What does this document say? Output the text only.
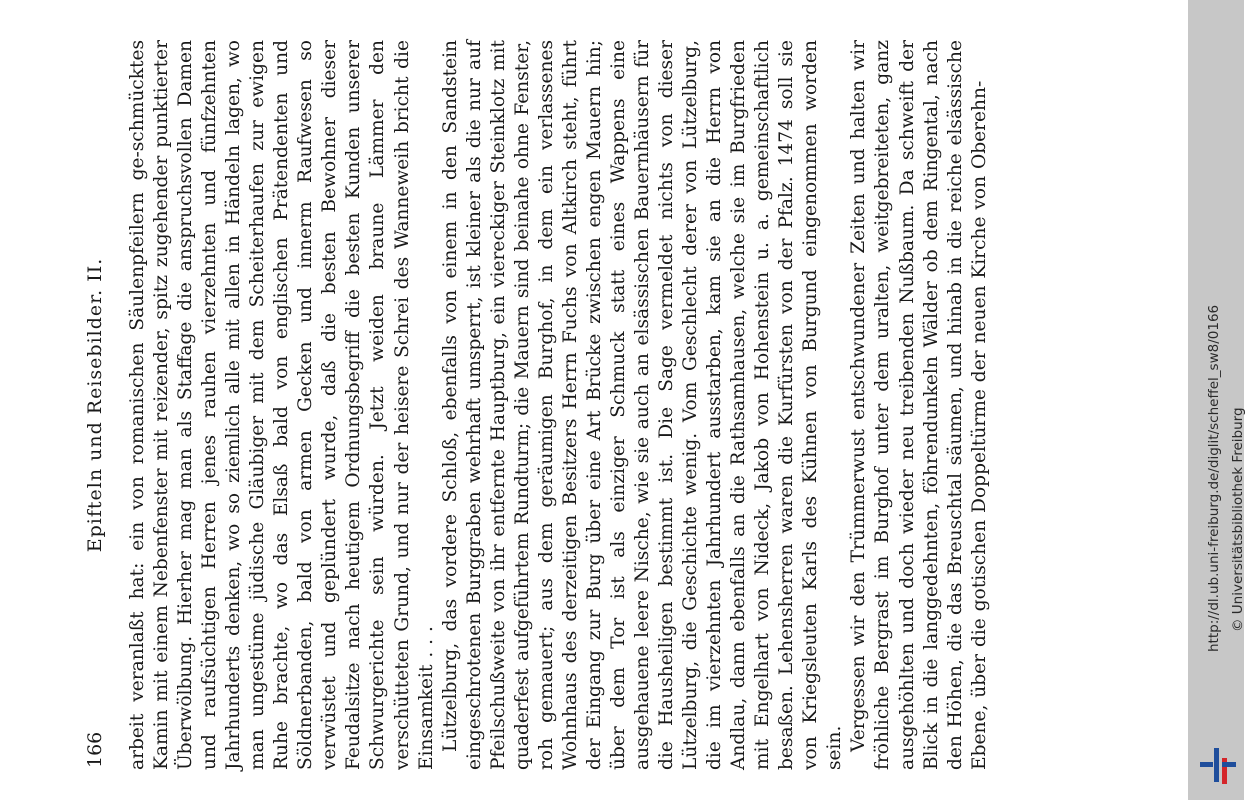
166
Epifteln und Reisebilder. II. arbeit veranlaßt hat: ein von romanischen Säulenpfeilern ge-schmücktes Kamin mit einem Nebenfenster mit reizender, spitz zugehender punktierter Überwölbung. Hierher mag man als Staffage die anspruchsvollen Damen und raufsüchtigen Herren jenes rauhen vierzehnten und fünfzehnten Jahrhunderts denken, wo so ziemlich alle mit allen in Händeln lagen, wo man ungestüme jüdische Gläubiger mit dem Scheiterhaufen zur ewigen Ruhe brachte, wo das Elsaß bald von englischen Prätendenten und Söldnerbanden, bald von armen Gecken und innerm Raufwesen so verwüstet und geplündert wurde, daß die besten Bewohner dieser Feudalsitze nach heutigem Ordnungsbegriff die besten Kunden unserer Schwurgerichte sein würden. Jetzt weiden braune Lämmer den verschütteten Grund, und nur der heisere Schrei des Wanneweih bricht die Einsamkeit . . . Lützelburg, das vordere Schloß, ebenfalls von einem in den Sandstein eingeschrotenen Burggraben wehrhaft umsperrt, ist kleiner als die nur auf Pfeilschußweite von ihr entfernte Hauptburg, ein viereckiger Steinklotz mit quaderfest aufgeführtem Rundturm; die Mauern sind beinahe ohne Fenster, roh gemauert; aus dem geräumigen Burghof, in dem ein verlassenes Wohnhaus des derzeitigen Besitzers Herrn Fuchs von Altkirch steht, führt der Eingang zur Burg über eine Art Brücke zwischen engen Mauern hin; über dem Tor ist als einziger Schmuck statt eines Wappens eine ausgehauene leere Nische, wie sie auch an elsässischen Bauernhäusern für die Hausheiligen bestimmt ist. Die Sage vermeldet nichts von dieser Lützelburg, die Geschichte wenig. Vom Geschlecht derer von Lützelburg, die im vierzehnten Jahrhundert ausstarben, kam sie an die Herrn von Andlau, dann ebenfalls an die Rathsamhausen, welche sie im Burgfrieden mit Engelhart von Nideck, Jakob von Hohenstein u. a. gemeinschaftlich besaßen. Lehensherren waren die Kurfürsten von der Pfalz. 1474 soll sie von Kriegsleuten Karls des Kühnen von Burgund eingenommen worden sein. Vergessen wir den Trümmerwust entschwundener Zeiten und halten wir fröhliche Bergrast im Burghof unter dem uralten, weitgebreiteten, ganz ausgehöhlten und doch wieder neu treibenden Nußbaum. Da schweift der Blick in die langgedehnten, föhrendunkeln Wälder ob dem Ringental, nach den Höhen, die das Breuschtal säumen, und hinab in die reiche elsässische Ebene, über die gotischen Doppeltürme der neuen Kirche von Oberehn-	http://dl.ub.uni-freiburg.de/diglit/scheffel_sw8/0166 © Universitätsbibliothek Freiburg
